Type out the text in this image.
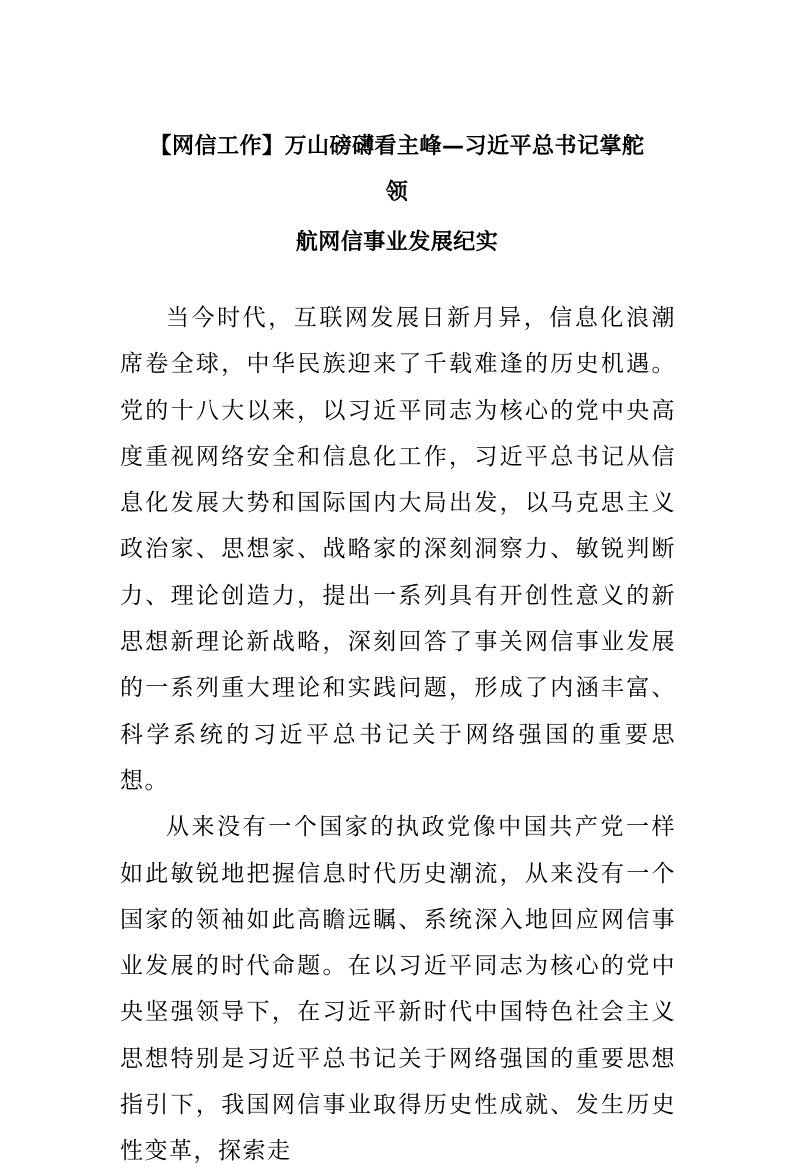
【网信工作】万山磅礴看主峰—习近平总书记掌舵
领
航网信事业发展纪实

当今时代，互联网发展日新月异，信息化浪潮席卷全球，中华民族迎来了千载难逢的历史机遇。党的十八大以来，以习近平同志为核心的党中央高度重视网络安全和信息化工作，习近平总书记从信息化发展大势和国际国内大局出发，以马克思主义政治家、思想家、战略家的深刻洞察力、敏锐判断力、理论创造力，提出一系列具有开创性意义的新思想新理论新战略，深刻回答了事关网信事业发展的一系列重大理论和实践问题，形成了内涵丰富、科学系统的习近平总书记关于网络强国的重要思想。

从来没有一个国家的执政党像中国共产党一样如此敏锐地把握信息时代历史潮流，从来没有一个国家的领袖如此高瞻远瞩、系统深入地回应网信事业发展的时代命题。在以习近平同志为核心的党中央坚强领导下，在习近平新时代中国特色社会主义思想特别是习近平总书记关于网络强国的重要思想指引下，我国网信事业取得历史性成就、发生历史性变革，探索走
